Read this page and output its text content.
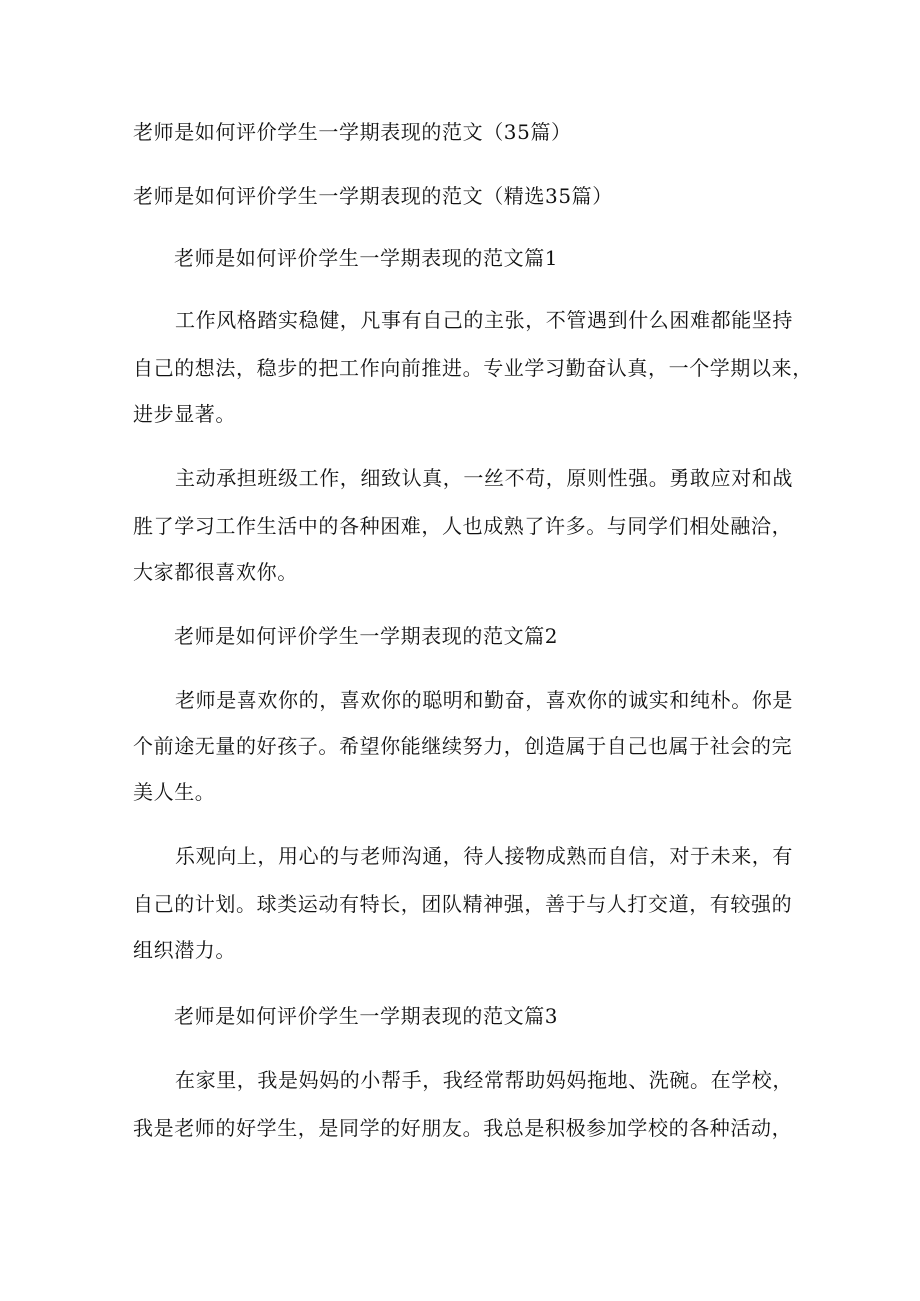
老师是如何评价学生一学期表现的范文（35篇）
老师是如何评价学生一学期表现的范文（精选35篇）
老师是如何评价学生一学期表现的范文篇1
工作风格踏实稳健，凡事有自己的主张，不管遇到什么困难都能坚持
自己的想法，稳步的把工作向前推进。专业学习勤奋认真，一个学期以来，
进步显著。
主动承担班级工作，细致认真，一丝不苟，原则性强。勇敢应对和战
胜了学习工作生活中的各种困难，人也成熟了许多。与同学们相处融洽，
大家都很喜欢你。
老师是如何评价学生一学期表现的范文篇2
老师是喜欢你的，喜欢你的聪明和勤奋，喜欢你的诚实和纯朴。你是
个前途无量的好孩子。希望你能继续努力，创造属于自己也属于社会的完
美人生。
乐观向上，用心的与老师沟通，待人接物成熟而自信，对于未来，有
自己的计划。球类运动有特长，团队精神强，善于与人打交道，有较强的
组织潜力。
老师是如何评价学生一学期表现的范文篇3
在家里，我是妈妈的小帮手，我经常帮助妈妈拖地、洗碗。在学校，
我是老师的好学生，是同学的好朋友。我总是积极参加学校的各种活动，
